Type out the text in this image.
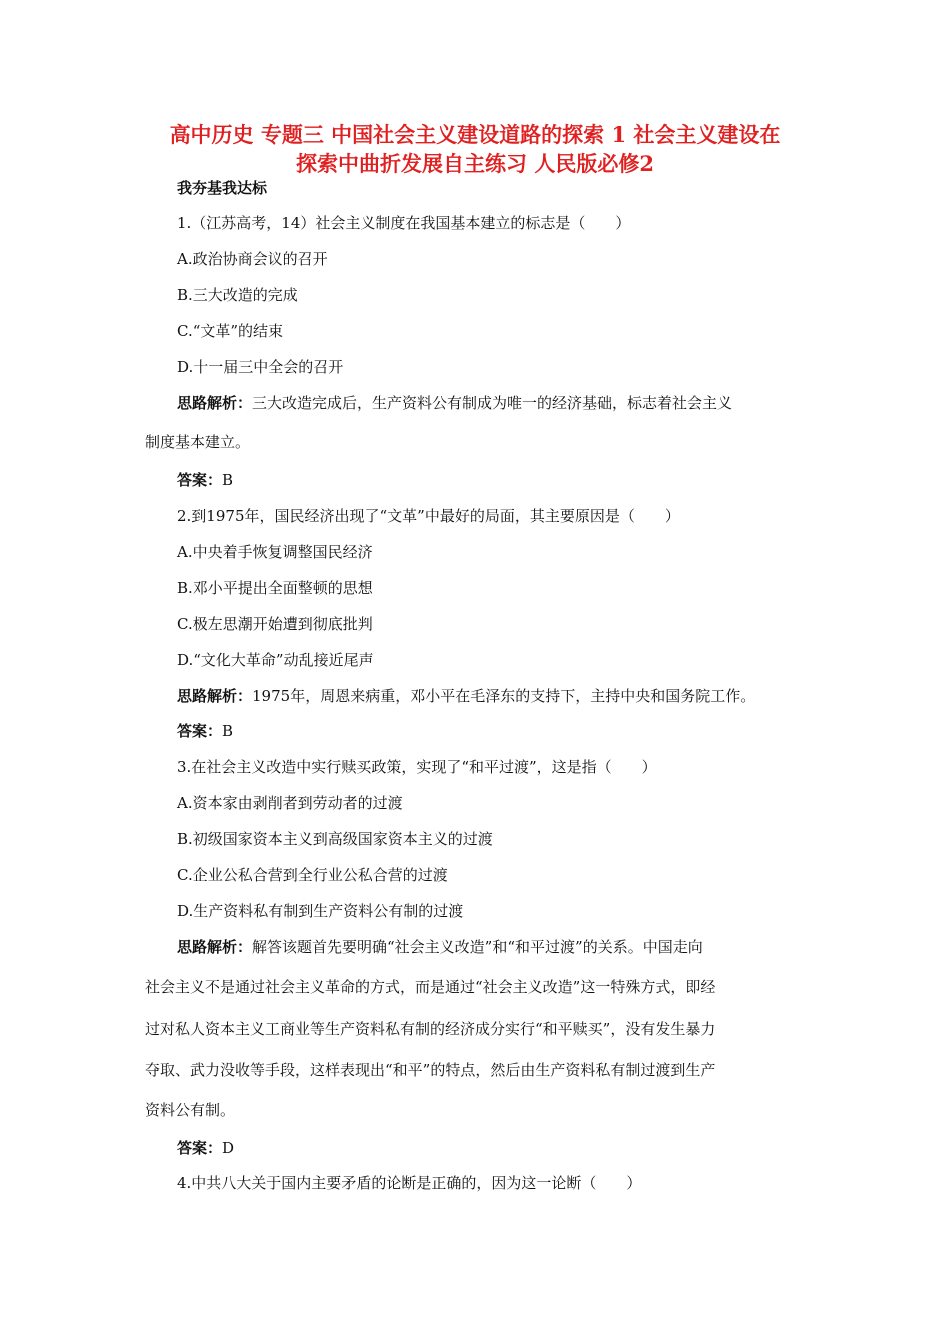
高中历史 专题三 中国社会主义建设道路的探索 1 社会主义建设在
探索中曲折发展自主练习 人民版必修2
我夯基我达标
1.（江苏高考，14）社会主义制度在我国基本建立的标志是（　　）
A.政治协商会议的召开
B.三大改造的完成
C.“文革”的结束
D.十一届三中全会的召开
思路解析：三大改造完成后，生产资料公有制成为唯一的经济基础，标志着社会主义
制度基本建立。
答案：B
2.到1975年，国民经济出现了“文革”中最好的局面，其主要原因是（　　）
A.中央着手恢复调整国民经济
B.邓小平提出全面整顿的思想
C.极左思潮开始遭到彻底批判
D.“文化大革命”动乱接近尾声
思路解析：1975年，周恩来病重，邓小平在毛泽东的支持下，主持中央和国务院工作。
答案：B
3.在社会主义改造中实行赎买政策，实现了“和平过渡”，这是指（　　）
A.资本家由剥削者到劳动者的过渡
B.初级国家资本主义到高级国家资本主义的过渡
C.企业公私合营到全行业公私合营的过渡
D.生产资料私有制到生产资料公有制的过渡
思路解析：解答该题首先要明确“社会主义改造”和“和平过渡”的关系。中国走向
社会主义不是通过社会主义革命的方式，而是通过“社会主义改造”这一特殊方式，即经
过对私人资本主义工商业等生产资料私有制的经济成分实行“和平赎买”，没有发生暴力
夺取、武力没收等手段，这样表现出“和平”的特点，然后由生产资料私有制过渡到生产
资料公有制。
答案：D
4.中共八大关于国内主要矛盾的论断是正确的，因为这一论断（　　）
